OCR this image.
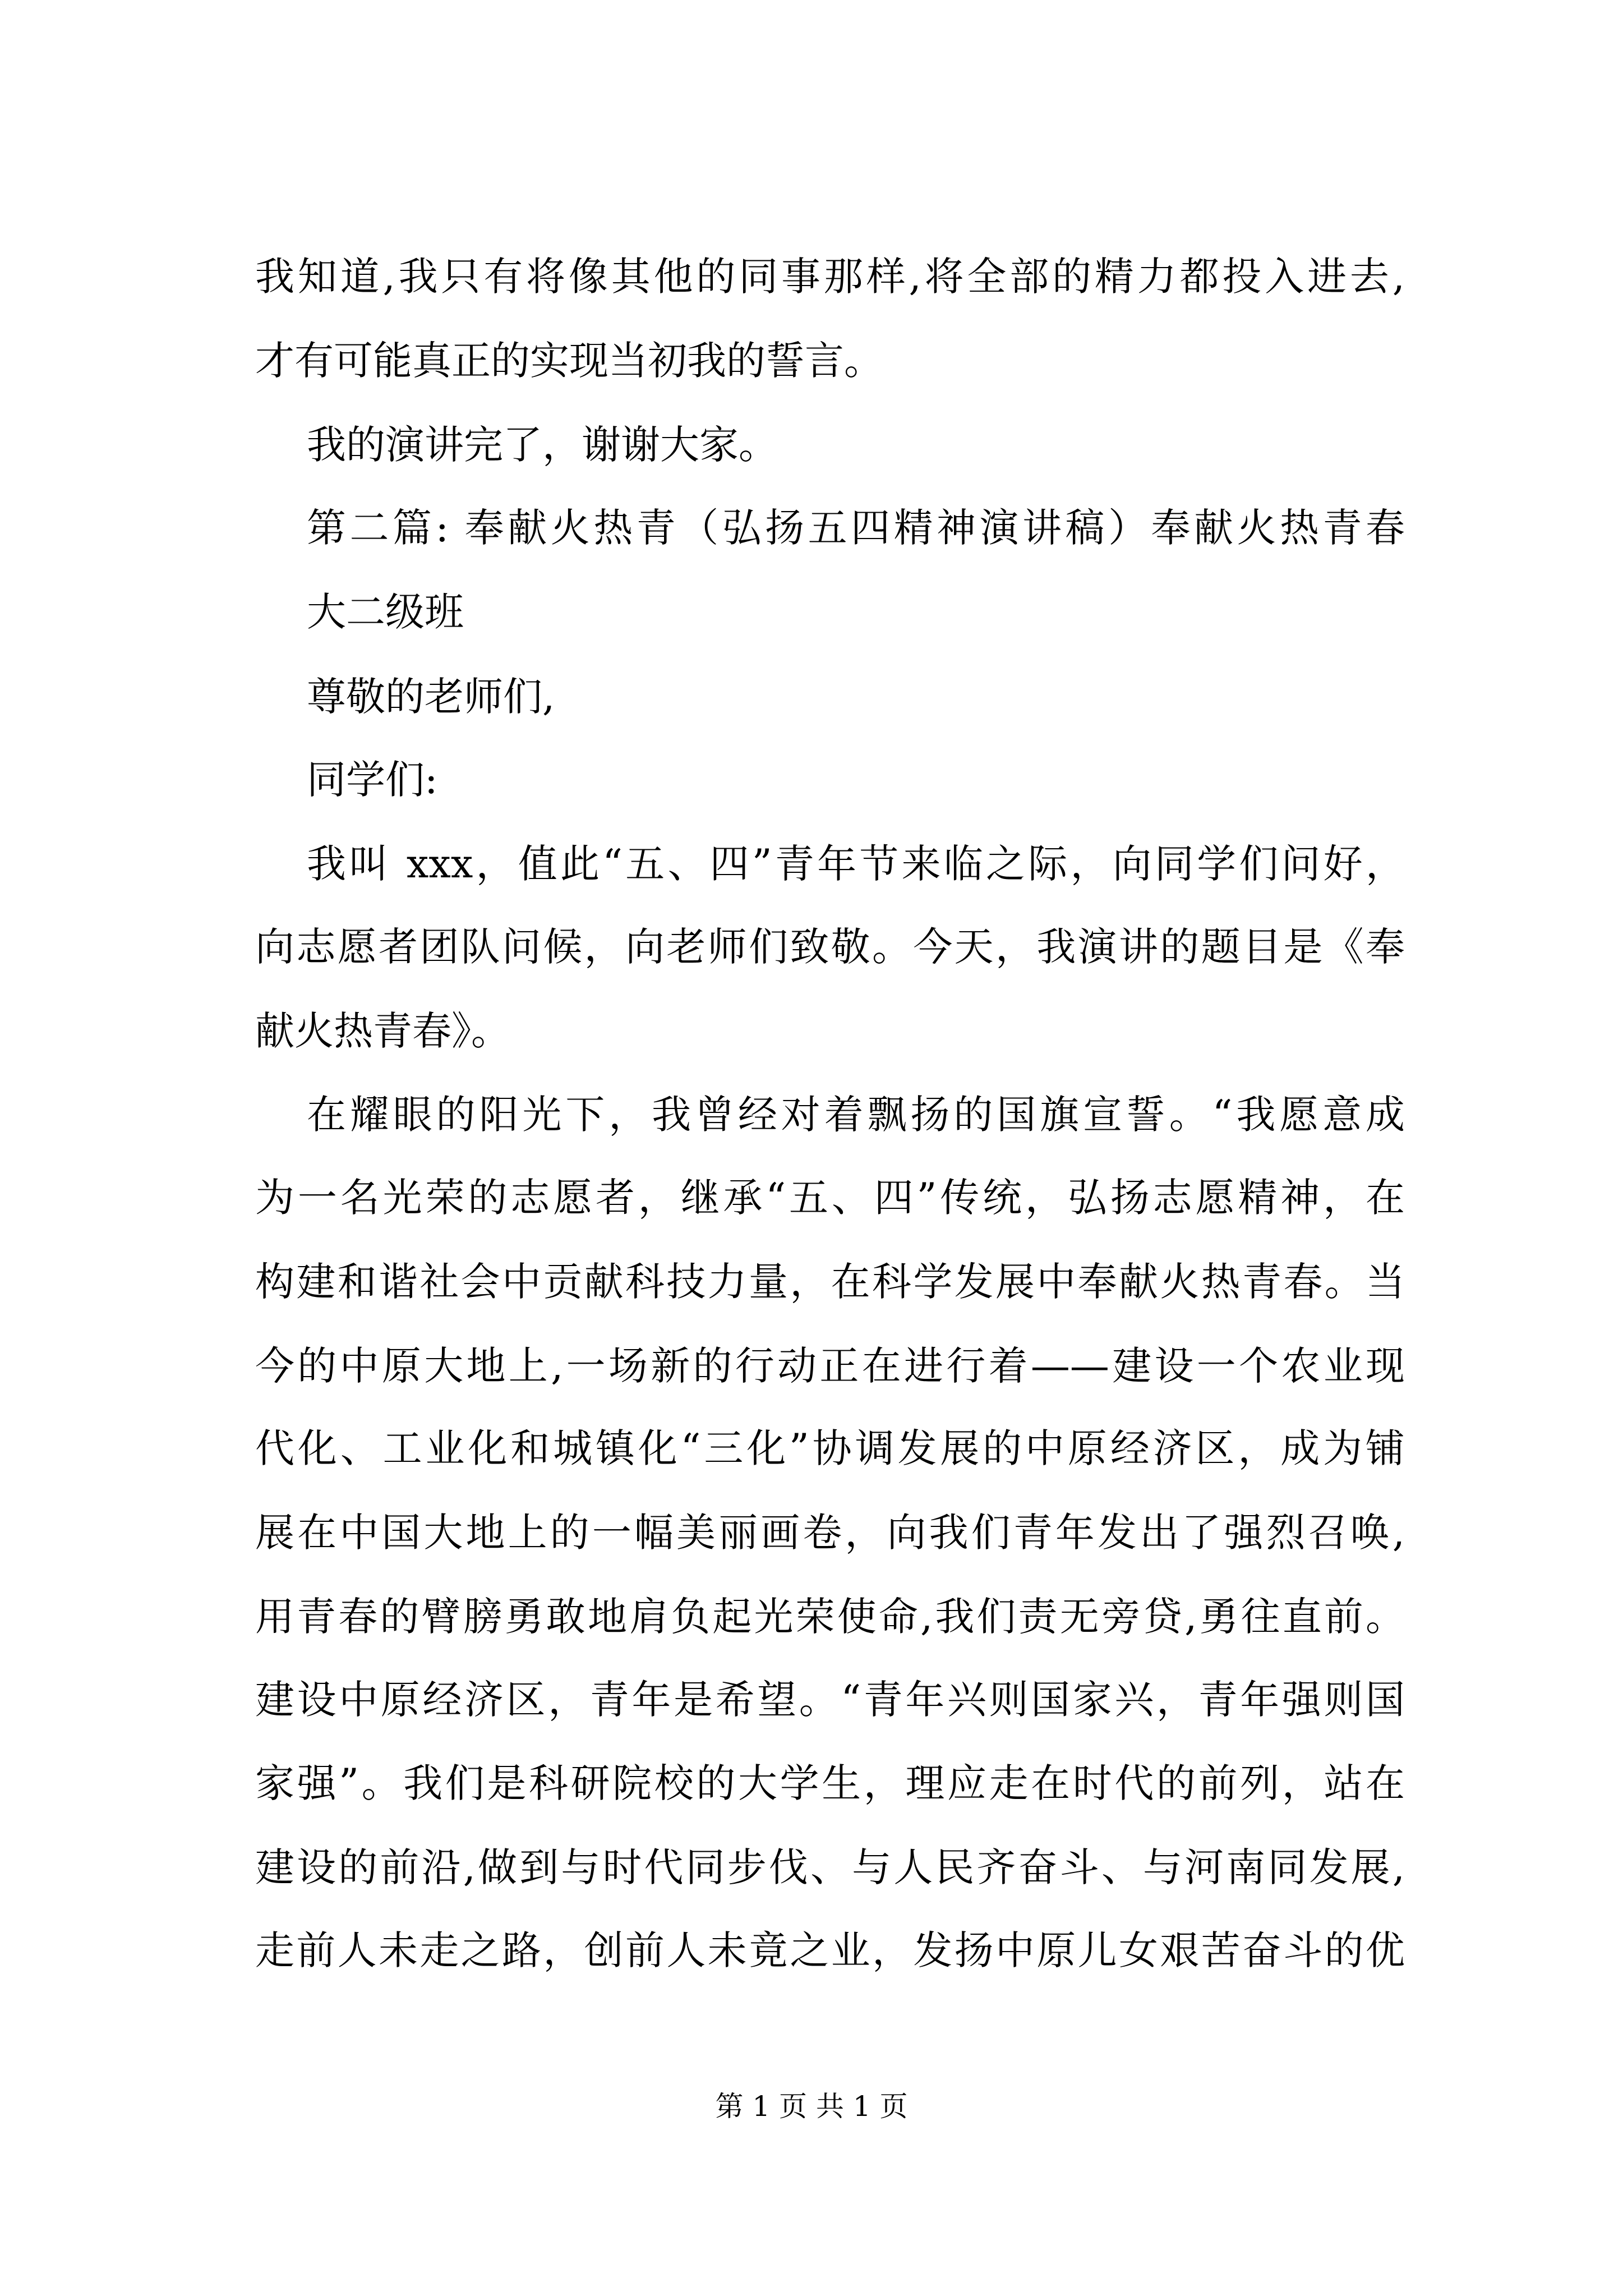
我知道,我只有将像其他的同事那样,将全部的精力都投入进去,
才有可能真正的实现当初我的誓言。
我的演讲完了，谢谢大家。
第二篇: 奉献火热青（弘扬五四精神演讲稿）奉献火热青春
大二级班
尊敬的老师们,
同学们:
我叫 xxx，值此“五、四”青年节来临之际，向同学们问好，
向志愿者团队问候，向老师们致敬。今天，我演讲的题目是《奉
献火热青春》。
在耀眼的阳光下，我曾经对着飘扬的国旗宣誓。“我愿意成
为一名光荣的志愿者，继承“五、四”传统，弘扬志愿精神，在
构建和谐社会中贡献科技力量，在科学发展中奉献火热青春。当
今的中原大地上,一场新的行动正在进行着——建设一个农业现
代化、工业化和城镇化“三化”协调发展的中原经济区，成为铺
展在中国大地上的一幅美丽画卷，向我们青年发出了强烈召唤,
用青春的臂膀勇敢地肩负起光荣使命,我们责无旁贷,勇往直前。
建设中原经济区，青年是希望。“青年兴则国家兴，青年强则国
家强”。我们是科研院校的大学生，理应走在时代的前列，站在
建设的前沿,做到与时代同步伐、与人民齐奋斗、与河南同发展,
走前人未走之路，创前人未竟之业，发扬中原儿女艰苦奋斗的优
第 1 页 共 1 页
